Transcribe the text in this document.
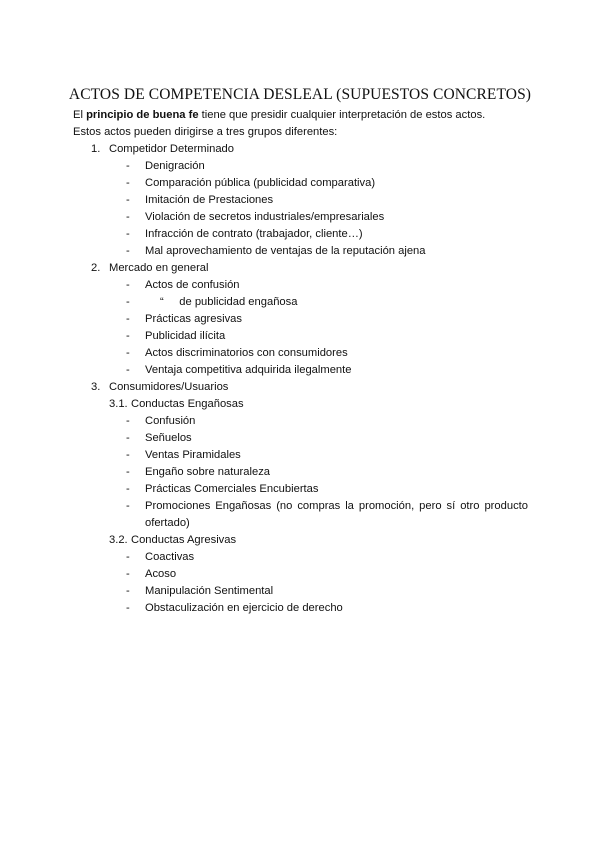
ACTOS DE COMPETENCIA DESLEAL (SUPUESTOS CONCRETOS)
El principio de buena fe tiene que presidir cualquier interpretación de estos actos.
Estos actos pueden dirigirse a tres grupos diferentes:
1. Competidor Determinado
-	Denigración
-	Comparación pública (publicidad comparativa)
-	Imitación de Prestaciones
-	Violación de secretos industriales/empresariales
-	Infracción de contrato (trabajador, cliente…)
-	Mal aprovechamiento de ventajas de la reputación ajena
2. Mercado en general
-	Actos de confusión
-	“     de publicidad engañosa
-	Prácticas agresivas
-	Publicidad ilícita
-	Actos discriminatorios con consumidores
-	Ventaja competitiva adquirida ilegalmente
3. Consumidores/Usuarios
3.1. Conductas Engañosas
-	Confusión
-	Señuelos
-	Ventas Piramidales
-	Engaño sobre naturaleza
-	Prácticas Comerciales Encubiertas
-	Promociones Engañosas (no compras la promoción, pero sí otro producto ofertado)
3.2. Conductas Agresivas
-	Coactivas
-	Acoso
-	Manipulación Sentimental
-	Obstaculización en ejercicio de derecho
